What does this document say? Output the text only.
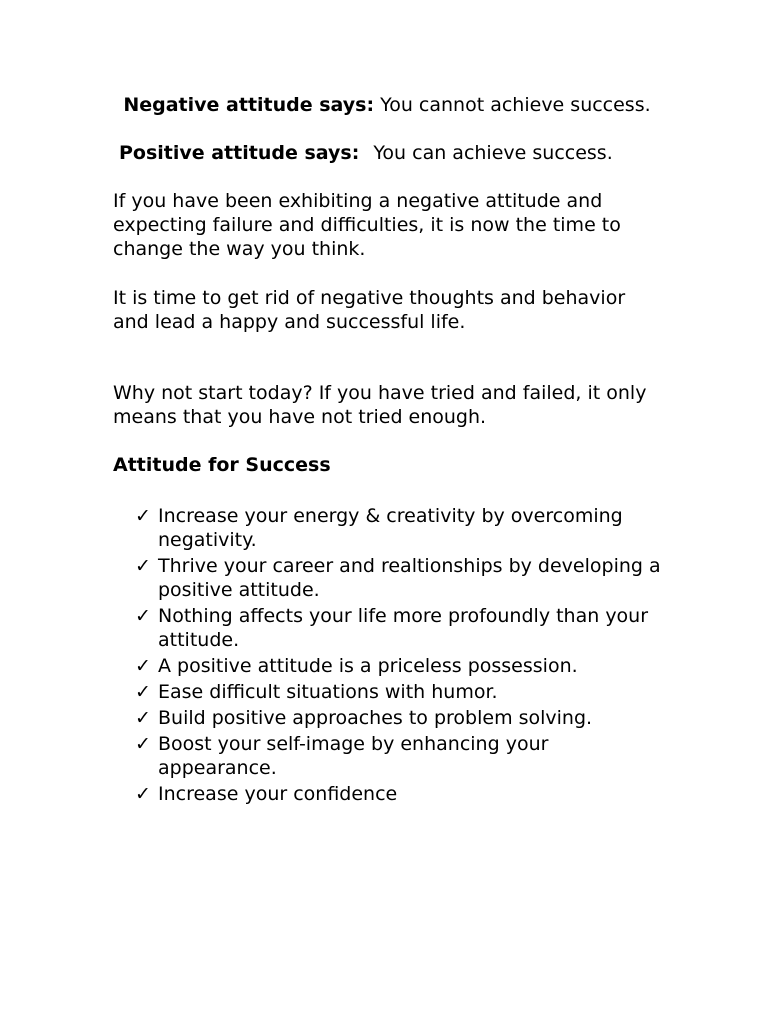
Negative attitude says: You cannot achieve success.

Positive attitude says: You can achieve success.

If you have been exhibiting a negative attitude and expecting failure and difficulties, it is now the time to change the way you think.

It is time to get rid of negative thoughts and behavior and lead a happy and successful life.

Why not start today? If you have tried and failed, it only means that you have not tried enough.

Attitude for Success
✓ Increase your energy & creativity by overcoming negativity.
✓ Thrive your career and realtionships by developing a positive attitude.
✓ Nothing affects your life more profoundly than your attitude.
✓ A positive attitude is a priceless possession.
✓ Ease difficult situations with humor.
✓ Build positive approaches to problem solving.
✓ Boost your self-image by enhancing your appearance.
✓ Increase your confidence
